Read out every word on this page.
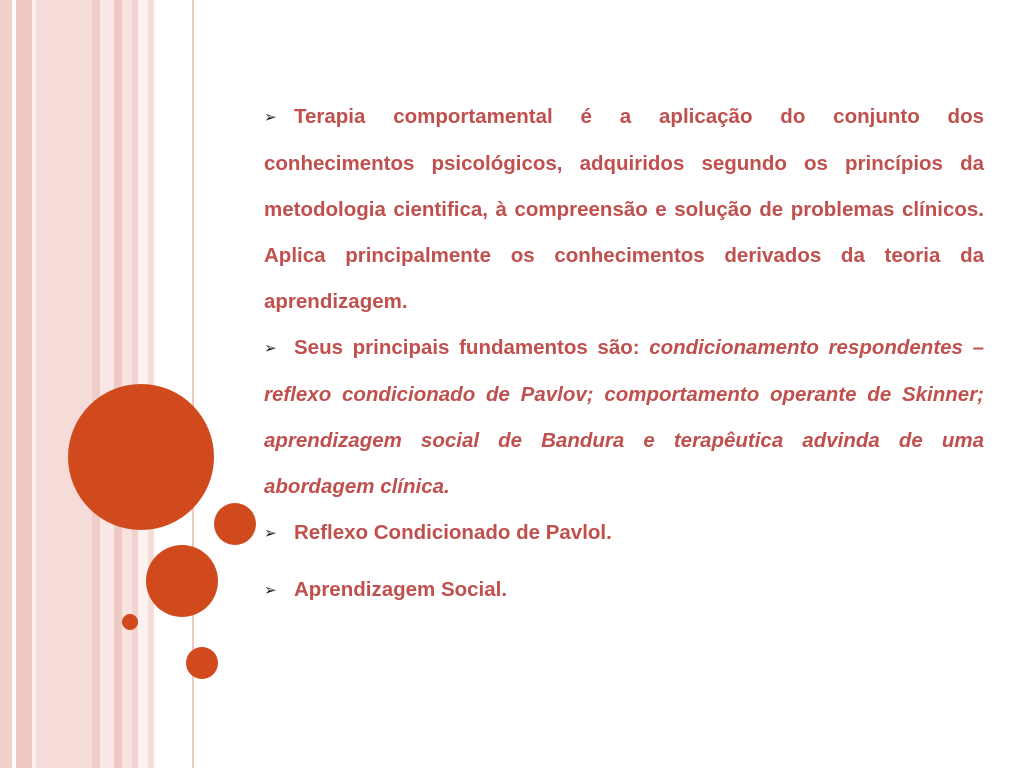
➢ Terapia comportamental é a aplicação do conjunto dos conhecimentos psicológicos, adquiridos segundo os princípios da metodologia cientifica, à compreensão e solução de problemas clínicos. Aplica principalmente os conhecimentos derivados da teoria da aprendizagem.

➢ Seus principais fundamentos são: condicionamento respondentes – reflexo condicionado de Pavlov; comportamento operante de Skinner; aprendizagem social de Bandura e terapêutica advinda de uma abordagem clínica.

➢ Reflexo Condicionado de Pavlol.

➢ Aprendizagem Social.
